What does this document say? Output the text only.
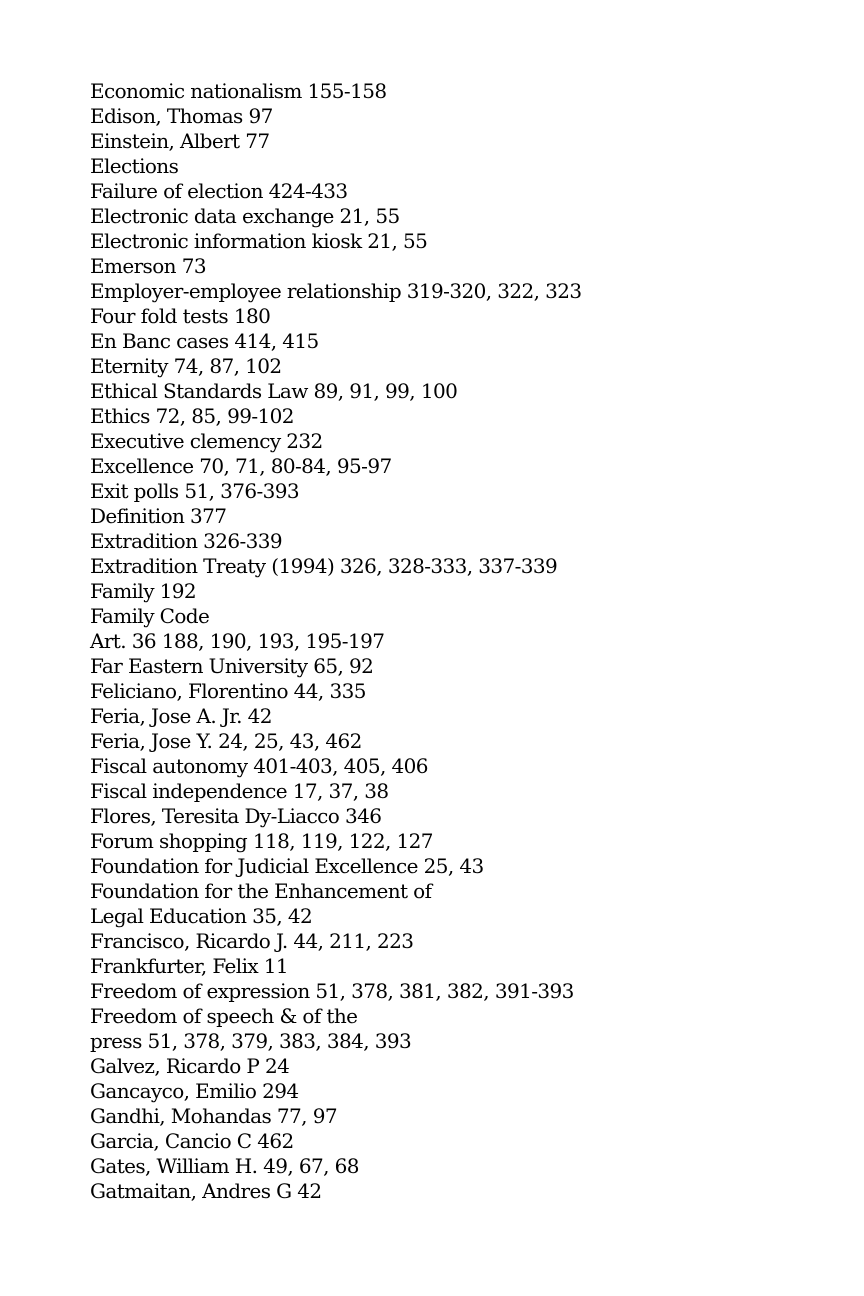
Economic nationalism 155-158
Edison, Thomas 97
Einstein, Albert 77
Elections
Failure of election 424-433
Electronic data exchange 21, 55
Electronic information kiosk 21, 55
Emerson 73
Employer-employee relationship 319-320, 322, 323
Four fold tests 180
En Banc cases 414, 415
Eternity 74, 87, 102
Ethical Standards Law 89, 91, 99, 100
Ethics 72, 85, 99-102
Executive clemency 232
Excellence 70, 71, 80-84, 95-97
Exit polls 51, 376-393
Definition 377
Extradition 326-339
Extradition Treaty (1994) 326, 328-333, 337-339
Family 192
Family Code
Art. 36 188, 190, 193, 195-197
Far Eastern University 65, 92
Feliciano, Florentino 44, 335
Feria, Jose A. Jr. 42
Feria, Jose Y. 24, 25, 43, 462
Fiscal autonomy 401-403, 405, 406
Fiscal independence 17, 37, 38
Flores, Teresita Dy-Liacco 346
Forum shopping 118, 119, 122, 127
Foundation for Judicial Excellence 25, 43
Foundation for the Enhancement of
Legal Education 35, 42
Francisco, Ricardo J. 44, 211, 223
Frankfurter, Felix 11
Freedom of expression 51, 378, 381, 382, 391-393
Freedom of speech & of the
press 51, 378, 379, 383, 384, 393
Galvez, Ricardo P 24
Gancayco, Emilio 294
Gandhi, Mohandas 77, 97
Garcia, Cancio C 462
Gates, William H. 49, 67, 68
Gatmaitan, Andres G 42
